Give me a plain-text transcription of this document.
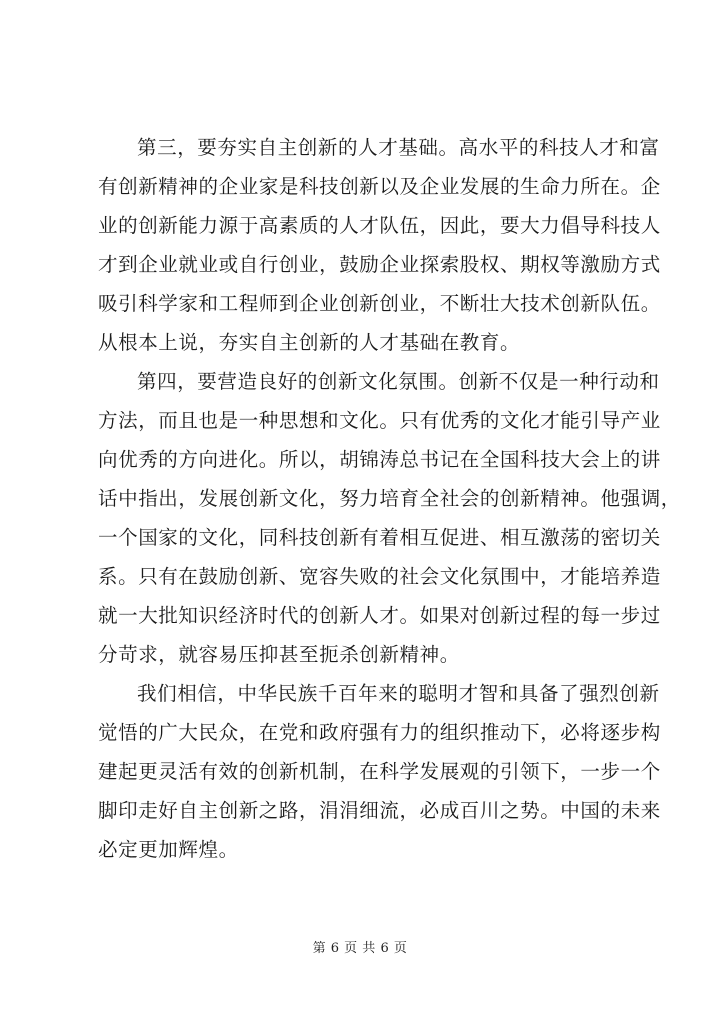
第三，要夯实自主创新的人才基础。高水平的科技人才和富
有创新精神的企业家是科技创新以及企业发展的生命力所在。企
业的创新能力源于高素质的人才队伍，因此，要大力倡导科技人
才到企业就业或自行创业，鼓励企业探索股权、期权等激励方式
吸引科学家和工程师到企业创新创业，不断壮大技术创新队伍。
从根本上说，夯实自主创新的人才基础在教育。
第四，要营造良好的创新文化氛围。创新不仅是一种行动和
方法，而且也是一种思想和文化。只有优秀的文化才能引导产业
向优秀的方向进化。所以，胡锦涛总书记在全国科技大会上的讲
话中指出，发展创新文化，努力培育全社会的创新精神。他强调，
一个国家的文化，同科技创新有着相互促进、相互激荡的密切关
系。只有在鼓励创新、宽容失败的社会文化氛围中，才能培养造
就一大批知识经济时代的创新人才。如果对创新过程的每一步过
分苛求，就容易压抑甚至扼杀创新精神。
我们相信，中华民族千百年来的聪明才智和具备了强烈创新
觉悟的广大民众，在党和政府强有力的组织推动下，必将逐步构
建起更灵活有效的创新机制，在科学发展观的引领下，一步一个
脚印走好自主创新之路，涓涓细流，必成百川之势。中国的未来
必定更加辉煌。
第 6 页 共 6 页
